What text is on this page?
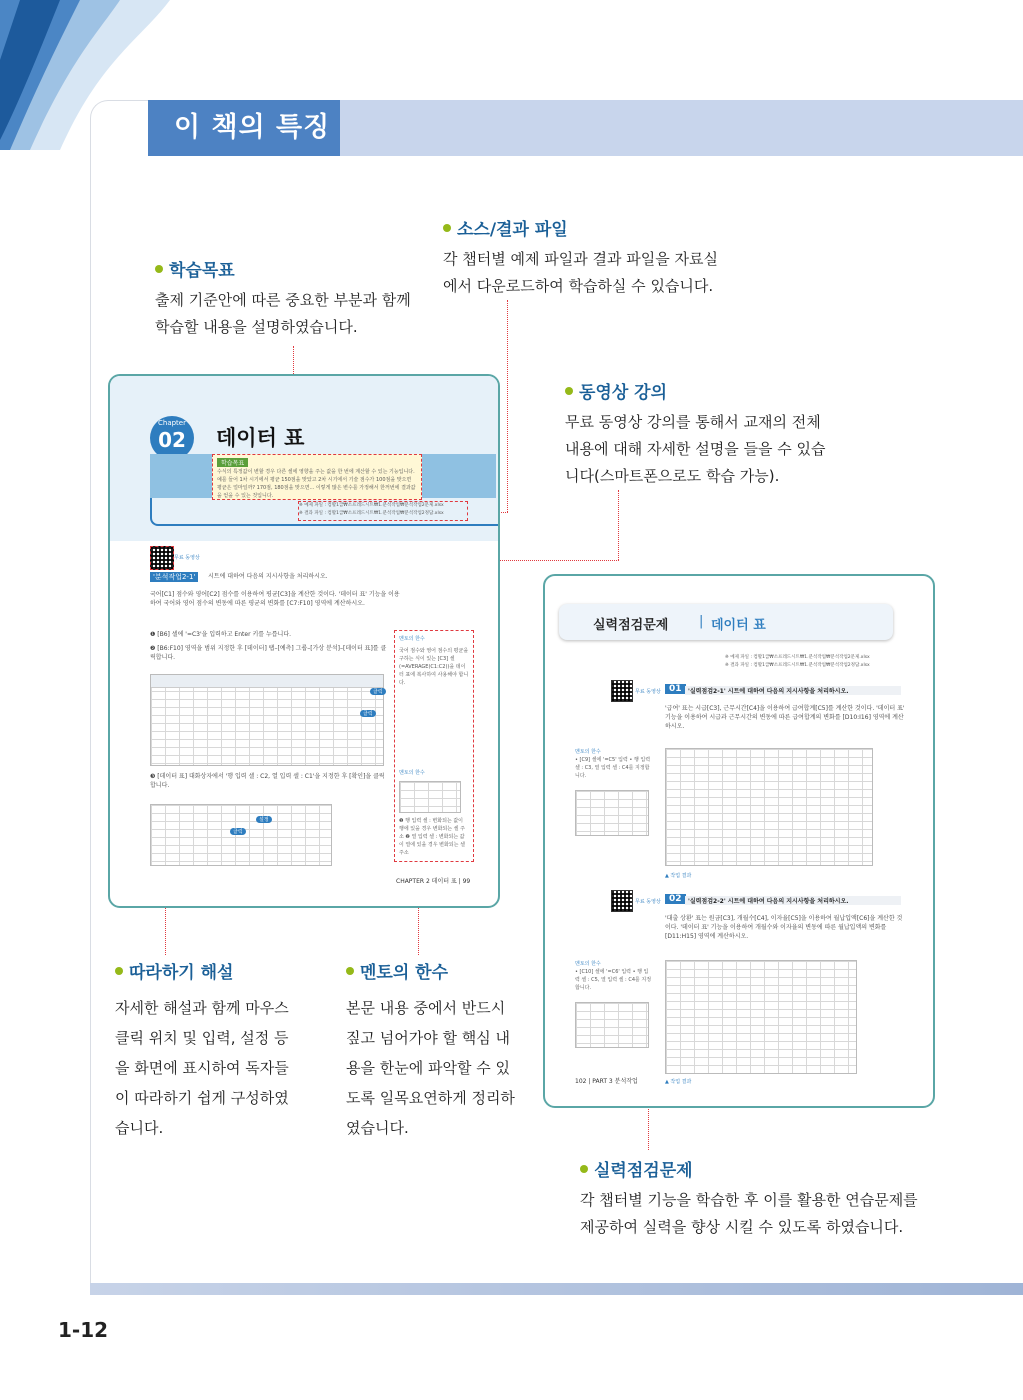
이 책의 특징
학습목표
출제 기준안에 따른 중요한 부분과 함께
학습할 내용을 설명하였습니다.
소스/결과 파일
각 챕터별 예제 파일과 결과 파일을 자료실
에서 다운로드하여 학습하실 수 있습니다.
동영상 강의
무료 동영상 강의를 통해서 교재의 전체
내용에 대해 자세한 설명을 들을 수 있습
니다(스마트폰으로도 학습 가능).
Chapter
02	데이터 표
학습목표
수식의 특정값이 변할 경우 다른 셀에 영향을 주는 값을 한 번에 계산할 수 있는 기능입니다. 예를 들어 1차 시기에서 평균 150점을 맞았고 2차 시기에서 기술 점수가 100점을 맞으면 평균은 얼마일까? 170점, 180점을 맞으면... 이렇게 많은 변수를 가정해서 한꺼번에 결과값을 얻을 수 있는 것입니다.
※ 예제 파일 : 컴활1급₩소프레드시트₩1.분석작업₩분석작업2문제.xlsx
※ 결과 파일 : 컴활1급₩소프레드시트₩1.분석작업₩분석작업2정답.xlsx
무료 동영상
'분석작업2-1'	시트에 대하여 다음의 지시사항을 처리하시오.
국어[C1] 점수와 영어[C2] 점수를 이용하여 평균[C3]을 계산한 것이다. '데이터 표' 기능을 이용하여 국어와 영어 점수의 변동에 따른 평균의 변화를 [C7:F10] 영역에 계산하시오.
❶ [B6] 셀에 '=C3'을 입력하고 Enter 키를 누릅니다.
❷ [B6:F10] 영역을 범위 지정한 후 [데이터] 탭–[예측] 그룹–[가상 분석]–[데이터 표]를 클릭합니다.
클릭
클릭
❸ [데이터 표] 대화상자에서 '행 입력 셀 : C2, 열 입력 셀 : C1'을 지정한 후 [확인]을 클릭합니다.
설정
클릭
멘토의 한수
국어 점수와 영어 점수의 평균을 구하는 식이 있는 [C3] 셀(=AVERAGE(C1:C2))을 데이터 표에 복사하여 사용해야 합니다.
멘토의 한수
❶ 행 입력 셀 : 변화되는 값이 행에 있을 경우 변화되는 셀 주소 ❷ 열 입력 셀 : 변화되는 값이 열에 있을 경우 변화되는 셀 주소
CHAPTER 2 데이터 표 | 99
실력점검문제 | 데이터 표
※ 예제 파일 : 컴활1급₩소프레드시트₩1.분석작업₩분석작업2문제.xlsx
※ 결과 파일 : 컴활1급₩소프레드시트₩1.분석작업₩분석작업2정답.xlsx
무료 동영상 01	'실력점검2-1' 시트에 대하여 다음의 지시사항을 처리하시오.
'급여' 표는 시급[C3], 근무시간[C4]을 이용하여 급여합계[C5]를 계산한 것이다. '데이터 표' 기능을 이용하여 시급과 근무시간의 변동에 따른 급여합계의 변화를 [D10:I16] 영역에 계산하시오.
멘토의 한수
• [C9] 셀에 '=C5' 입력 • 행 입력 셀 : C3, 열 입력 셀 : C4를 지정합니다.
▲ 작업 결과
무료 동영상 02	'실력점검2-2' 시트에 대하여 다음의 지시사항을 처리하시오.
'대출 상환' 표는 원금[C3], 개월수[C4], 이자율[C5]을 이용하여 월납입액[C6]을 계산한 것이다. '데이터 표' 기능을 이용하여 개월수와 이자율의 변동에 따른 월납입액의 변화를 [D11:H15] 영역에 계산하시오.
멘토의 한수
• [C10] 셀에 '=C6' 입력 • 행 입력 셀 : C5, 열 입력 셀 : C4를 지정합니다.
▲ 작업 결과
102 | PART 3 분석작업
따라하기 해설
자세한 해설과 함께 마우스
클릭 위치 및 입력, 설정 등
을 화면에 표시하여 독자들
이 따라하기 쉽게 구성하였
습니다.
멘토의 한수
본문 내용 중에서 반드시
짚고 넘어가야 할 핵심 내
용을 한눈에 파악할 수 있
도록 일목요연하게 정리하
였습니다.
실력점검문제
각 챕터별 기능을 학습한 후 이를 활용한 연습문제를
제공하여 실력을 향상 시킬 수 있도록 하였습니다.
1-12
